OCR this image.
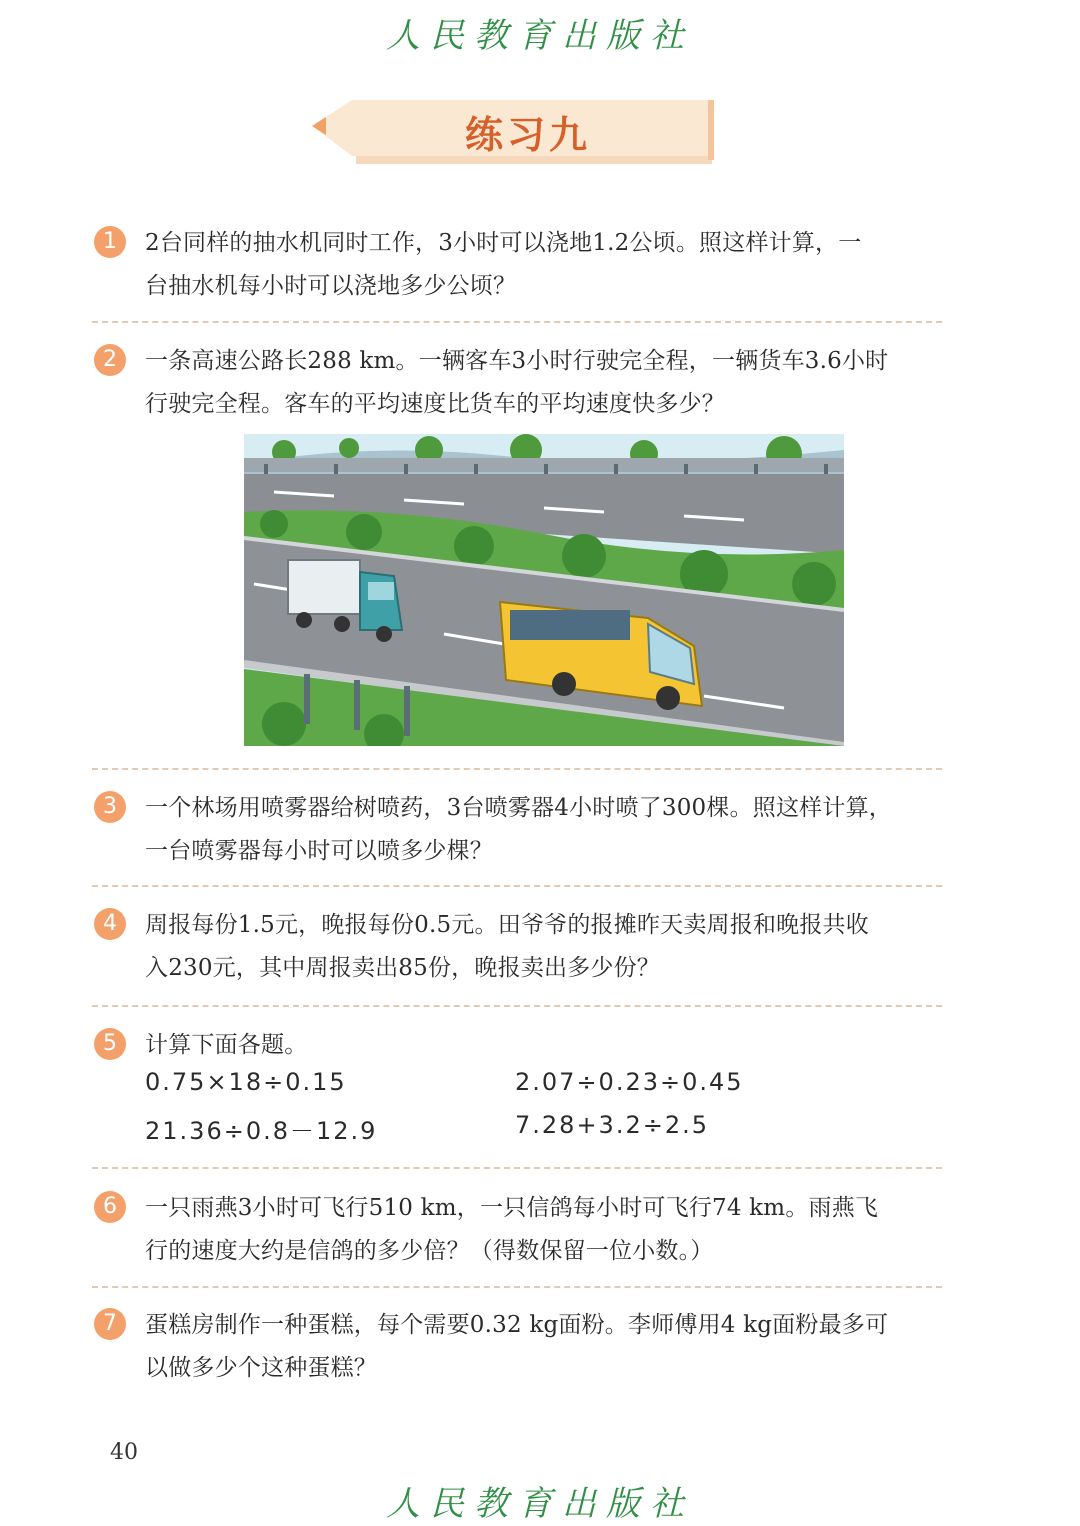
人民教育出版社
练习九
1	2台同样的抽水机同时工作，3小时可以浇地1.2公顷。照这样计算，一
台抽水机每小时可以浇地多少公顷？
2	一条高速公路长288 km。一辆客车3小时行驶完全程，一辆货车3.6小时
行驶完全程。客车的平均速度比货车的平均速度快多少？
3	一个林场用喷雾器给树喷药，3台喷雾器4小时喷了300棵。照这样计算，
一台喷雾器每小时可以喷多少棵？
4	周报每份1.5元，晚报每份0.5元。田爷爷的报摊昨天卖周报和晚报共收
入230元，其中周报卖出85份，晚报卖出多少份？
5	计算下面各题。
0.75×18÷0.15	2.07÷0.23÷0.45
21.36÷0.8－12.9	7.28+3.2÷2.5
6	一只雨燕3小时可飞行510 km，一只信鸽每小时可飞行74 km。雨燕飞
行的速度大约是信鸽的多少倍？（得数保留一位小数。）
7	蛋糕房制作一种蛋糕，每个需要0.32 kg面粉。李师傅用4 kg面粉最多可
以做多少个这种蛋糕？
40
人民教育出版社
